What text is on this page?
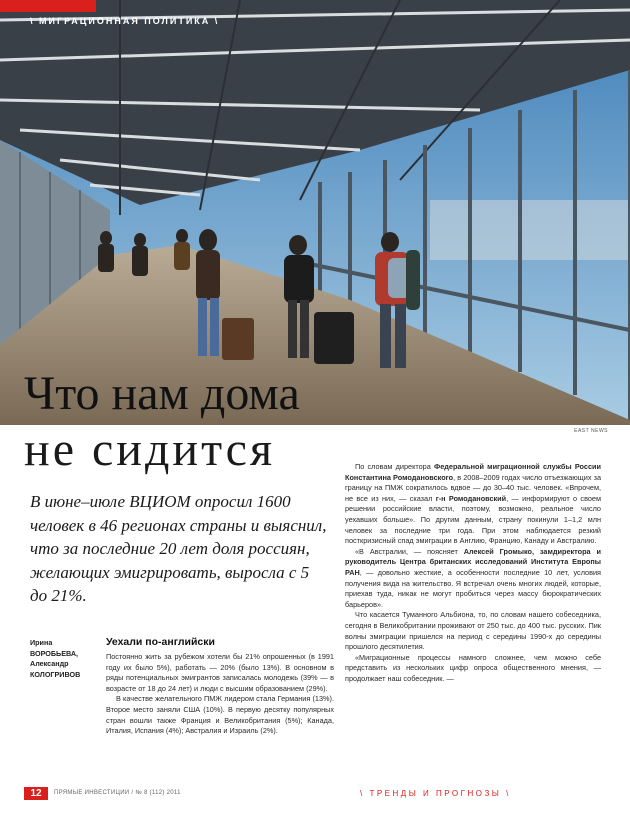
\ МИГРАЦИОННАЯ ПОЛИТИКА \
EAST NEWS
Что нам дома
не сидится
В июне–июле ВЦИОМ опросил 1600 человек в 46 регионах страны и выяснил, что за последние 20 лет доля россиян, желающих эмигрировать, выросла с 5 до 21%.
Ирина
ВОРОБЬЕВА,
Александр
КОЛОГРИВОВ
Уехали по-английски

Постоянно жить за рубежом хотели бы 21% опрошенных (в 1991 году их было 5%), работать — 20% (было 13%). В основном в ряды потенциальных эмигрантов записалась молодежь (39% — в возрасте от 18 до 24 лет) и люди с высшим образованием (29%).

В качестве желательного ПМЖ лидером стала Германия (13%). Второе место заняли США (10%). В первую десятку популярных стран вошли также Франция и Великобритания (5%); Канада, Италия, Испания (4%); Австралия и Израиль (2%).

По словам директора Федеральной миграционной службы России Константина Ромодановского, в 2008–2009 годах число отъезжающих за границу на ПМЖ сократилось вдвое — до 30–40 тыс. человек. «Впрочем, не все из них, — сказал г-н Ромодановский, — информируют о своем решении российские власти, поэтому, возможно, реальное число уехавших больше». По другим данным, страну покинули 1–1,2 млн человек за последние три года. При этом наблюдается резкий посткризисный спад эмиграции в Англию, Францию, Канаду и Австралию.

«В Австралии, — поясняет Алексей Громыко, замдиректора и руководитель Центра британских исследований Института Европы РАН, — довольно жесткие, а особенности последние 10 лет, условия получения вида на жительство. Я встречал очень многих людей, которые, приехав туда, никак не могут пробиться через массу бюрократических барьеров».

Что касается Туманного Альбиона, то, по словам нашего собеседника, сегодня в Великобритании проживают от 250 тыс. до 400 тыс. русских. Пик волны эмиграции пришелся на период с середины 1990-х до середины прошлого десятилетия.

«Миграционные процессы намного сложнее, чем можно себе представить из нескольких цифр опроса общественного мнения, — продолжает наш собеседник. —

12	ПРЯМЫЕ ИНВЕСТИЦИИ / № 8 (112) 2011	\ ТРЕНДЫ И ПРОГНОЗЫ \
